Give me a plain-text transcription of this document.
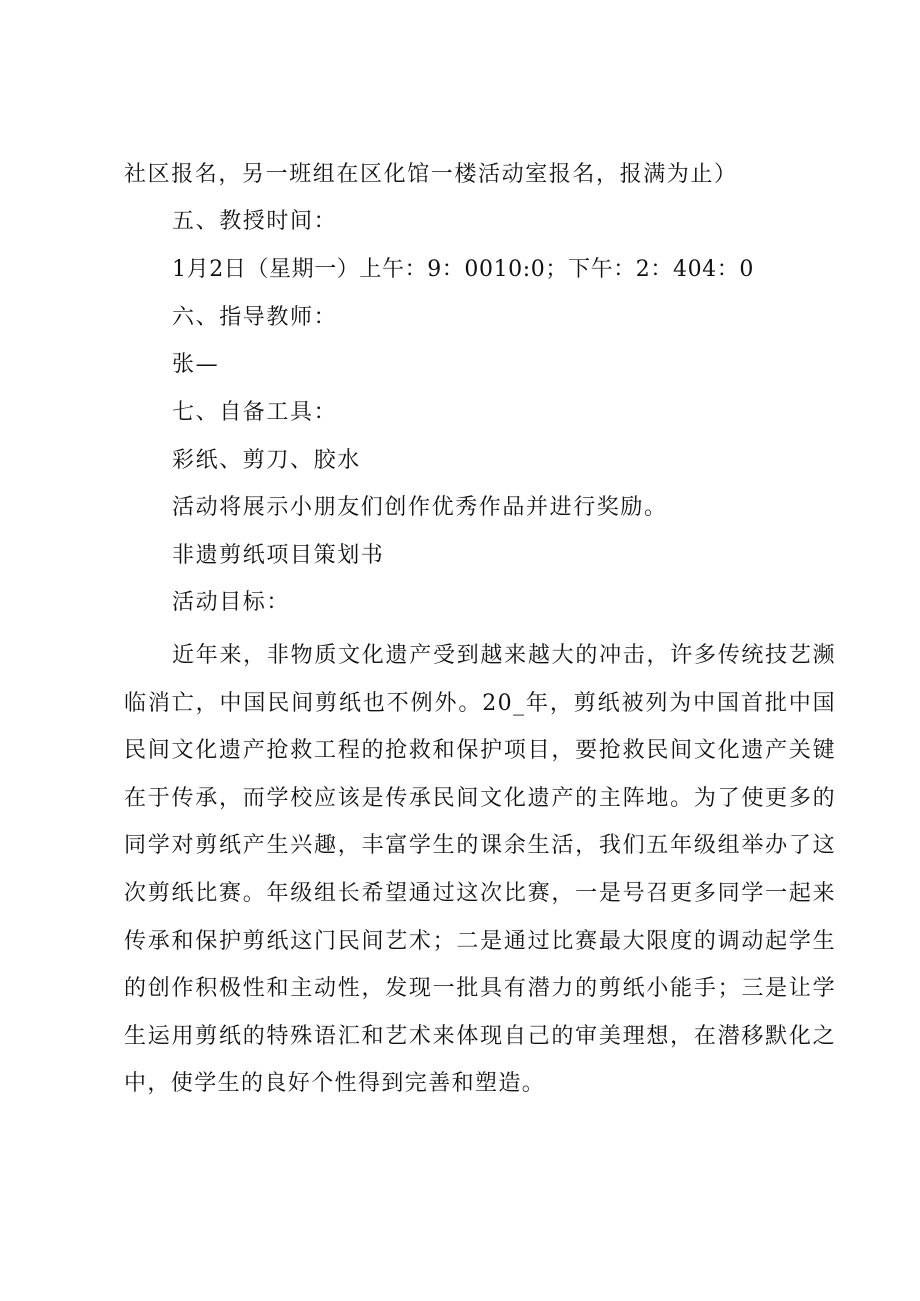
社区报名，另一班组在区化馆一楼活动室报名，报满为止）
五、教授时间：
1月2日（星期一）上午：9：0010:0；下午：2：404：0
六、指导教师：
张—
七、自备工具：
彩纸、剪刀、胶水
活动将展示小朋友们创作优秀作品并进行奖励。
非遗剪纸项目策划书
活动目标：

近年来，非物质文化遗产受到越来越大的冲击，许多传统技艺濒临消亡，中国民间剪纸也不例外。20_年，剪纸被列为中国首批中国民间文化遗产抢救工程的抢救和保护项目，要抢救民间文化遗产关键在于传承，而学校应该是传承民间文化遗产的主阵地。为了使更多的同学对剪纸产生兴趣，丰富学生的课余生活，我们五年级组举办了这次剪纸比赛。年级组长希望通过这次比赛，一是号召更多同学一起来传承和保护剪纸这门民间艺术；二是通过比赛最大限度的调动起学生的创作积极性和主动性，发现一批具有潜力的剪纸小能手；三是让学生运用剪纸的特殊语汇和艺术来体现自己的审美理想，在潜移默化之中，使学生的良好个性得到完善和塑造。
